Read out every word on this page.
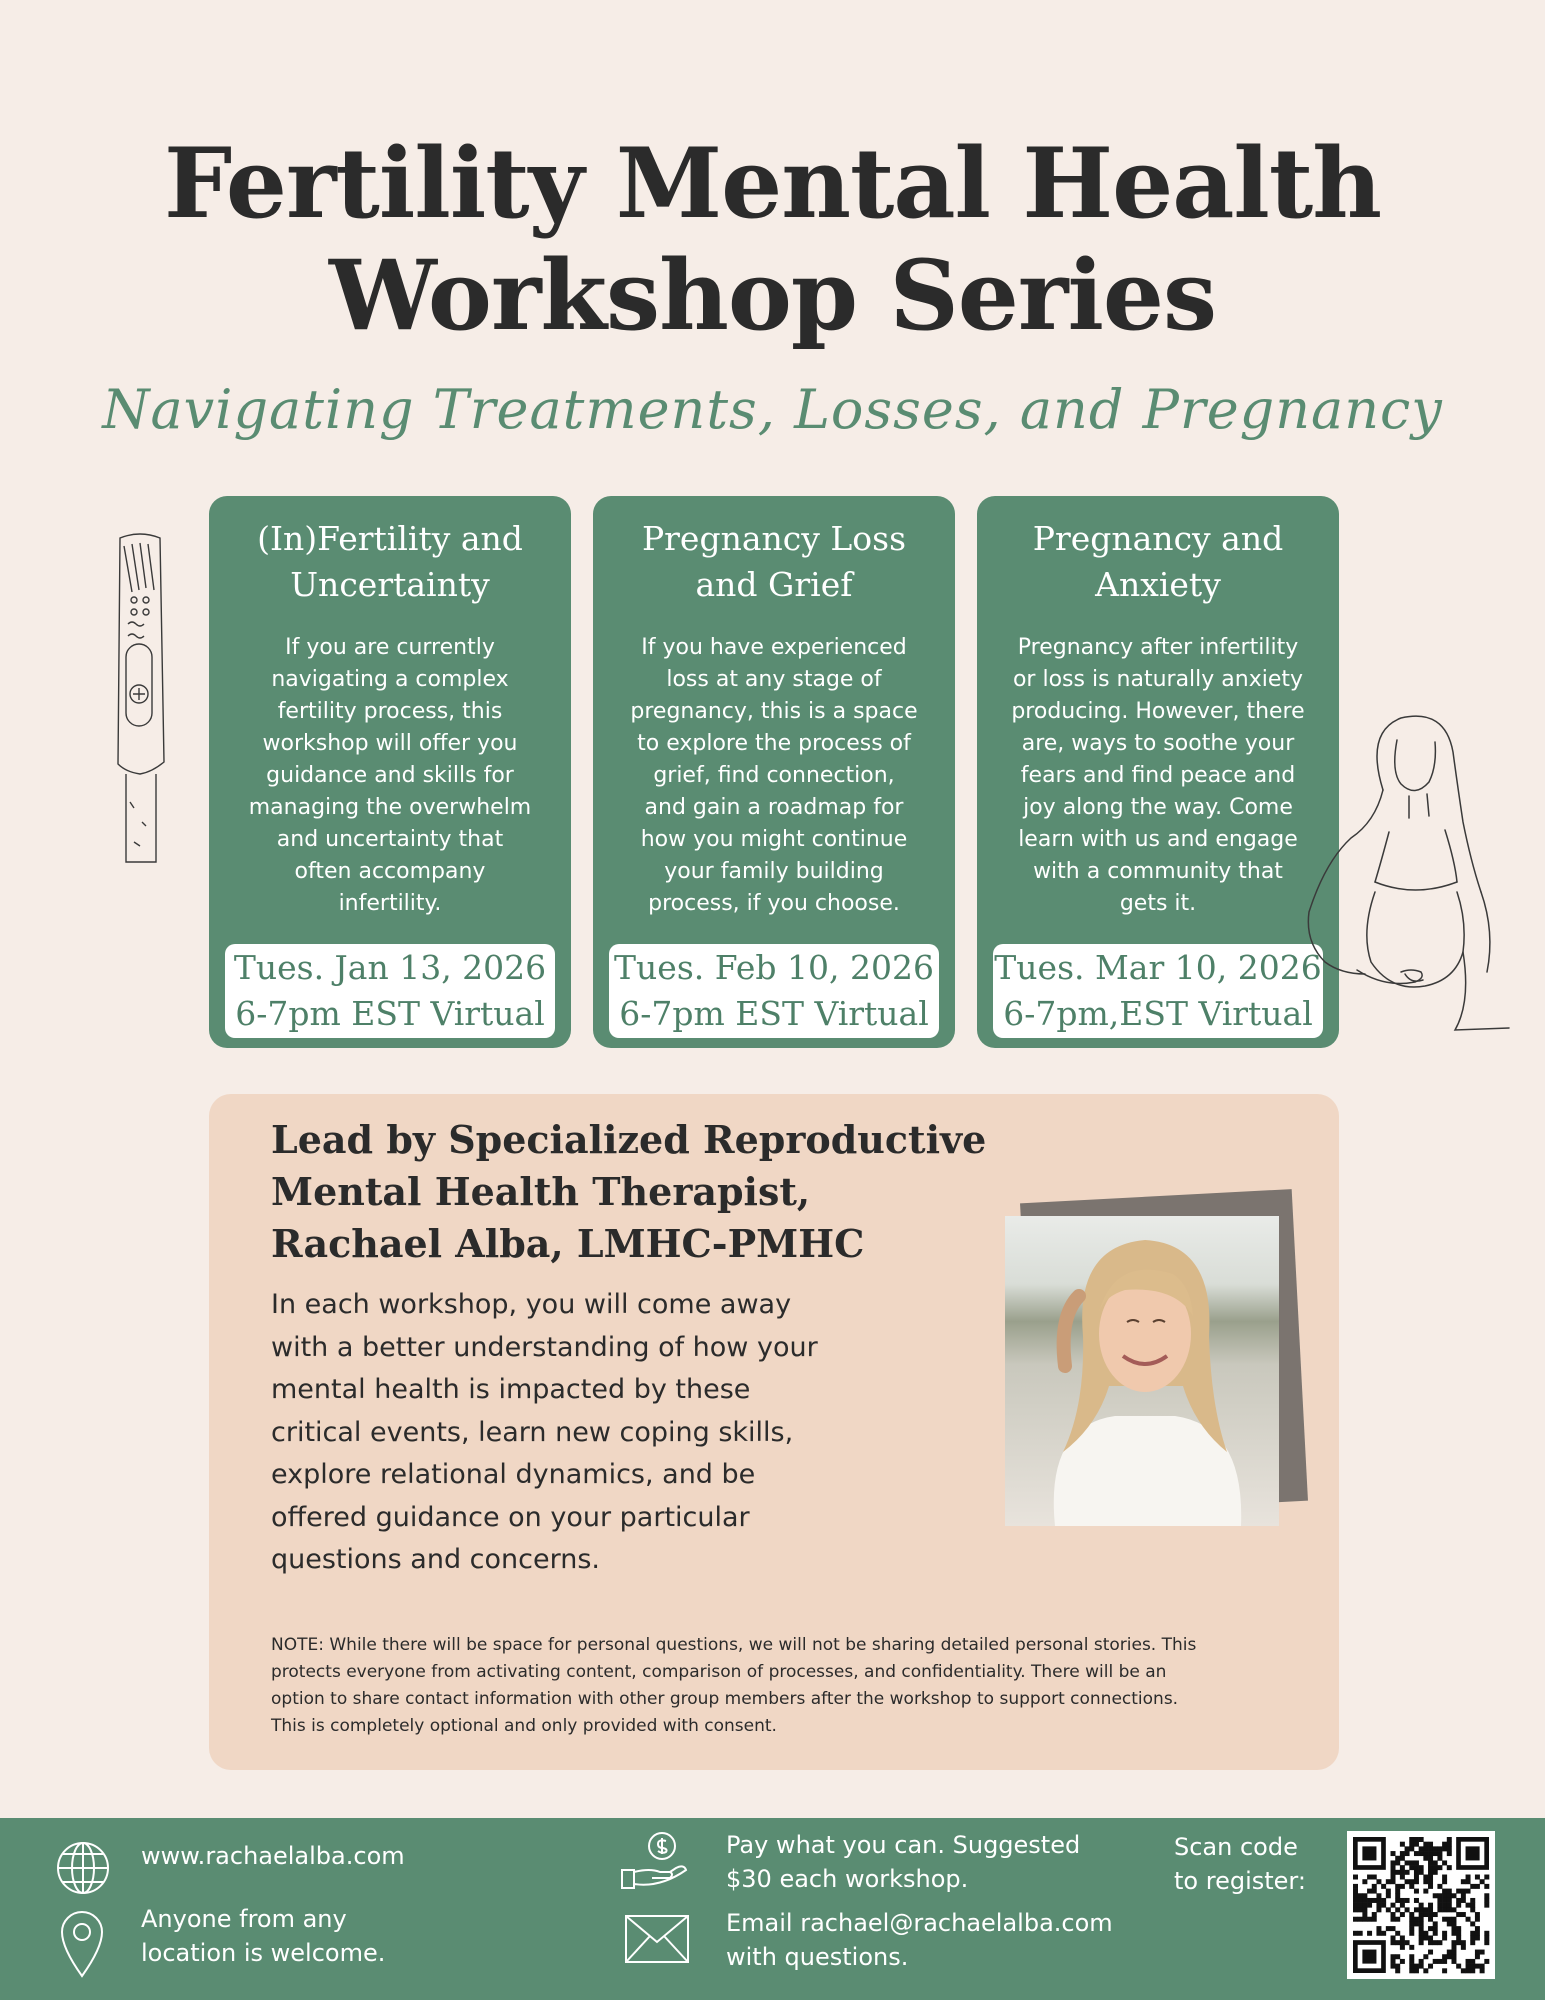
Fertility Mental Health
Workshop Series
Navigating Treatments, Losses, and Pregnancy
(In)Fertility and
Uncertainty
If you are currently
navigating a complex
fertility process, this
workshop will offer you
guidance and skills for
managing the overwhelm
and uncertainty that
often accompany
infertility.
Tues. Jan 13, 2026
6-7pm EST Virtual
Pregnancy Loss
and Grief
If you have experienced
loss at any stage of
pregnancy, this is a space
to explore the process of
grief, find connection,
and gain a roadmap for
how you might continue
your family building
process, if you choose.
Tues. Feb 10, 2026
6-7pm EST Virtual
Pregnancy and
Anxiety
Pregnancy after infertility
or loss is naturally anxiety
producing. However, there
are, ways to soothe your
fears and find peace and
joy along the way. Come
learn with us and engage
with a community that
gets it.
Tues. Mar 10, 2026
6-7pm,EST Virtual
Lead by Specialized Reproductive
Mental Health Therapist,
Rachael Alba, LMHC-PMHC
In each workshop, you will come away
with a better understanding of how your
mental health is impacted by these
critical events, learn new coping skills,
explore relational dynamics, and be
offered guidance on your particular
questions and concerns.
NOTE: While there will be space for personal questions, we will not be sharing detailed personal stories. This
protects everyone from activating content, comparison of processes, and confidentiality. There will be an
option to share contact information with other group members after the workshop to support connections.
This is completely optional and only provided with consent.
www.rachaelalba.com
Anyone from any
location is welcome.
Pay what you can. Suggested
$30 each workshop.
Email rachael@rachaelalba.com
with questions.
Scan code
to register:
